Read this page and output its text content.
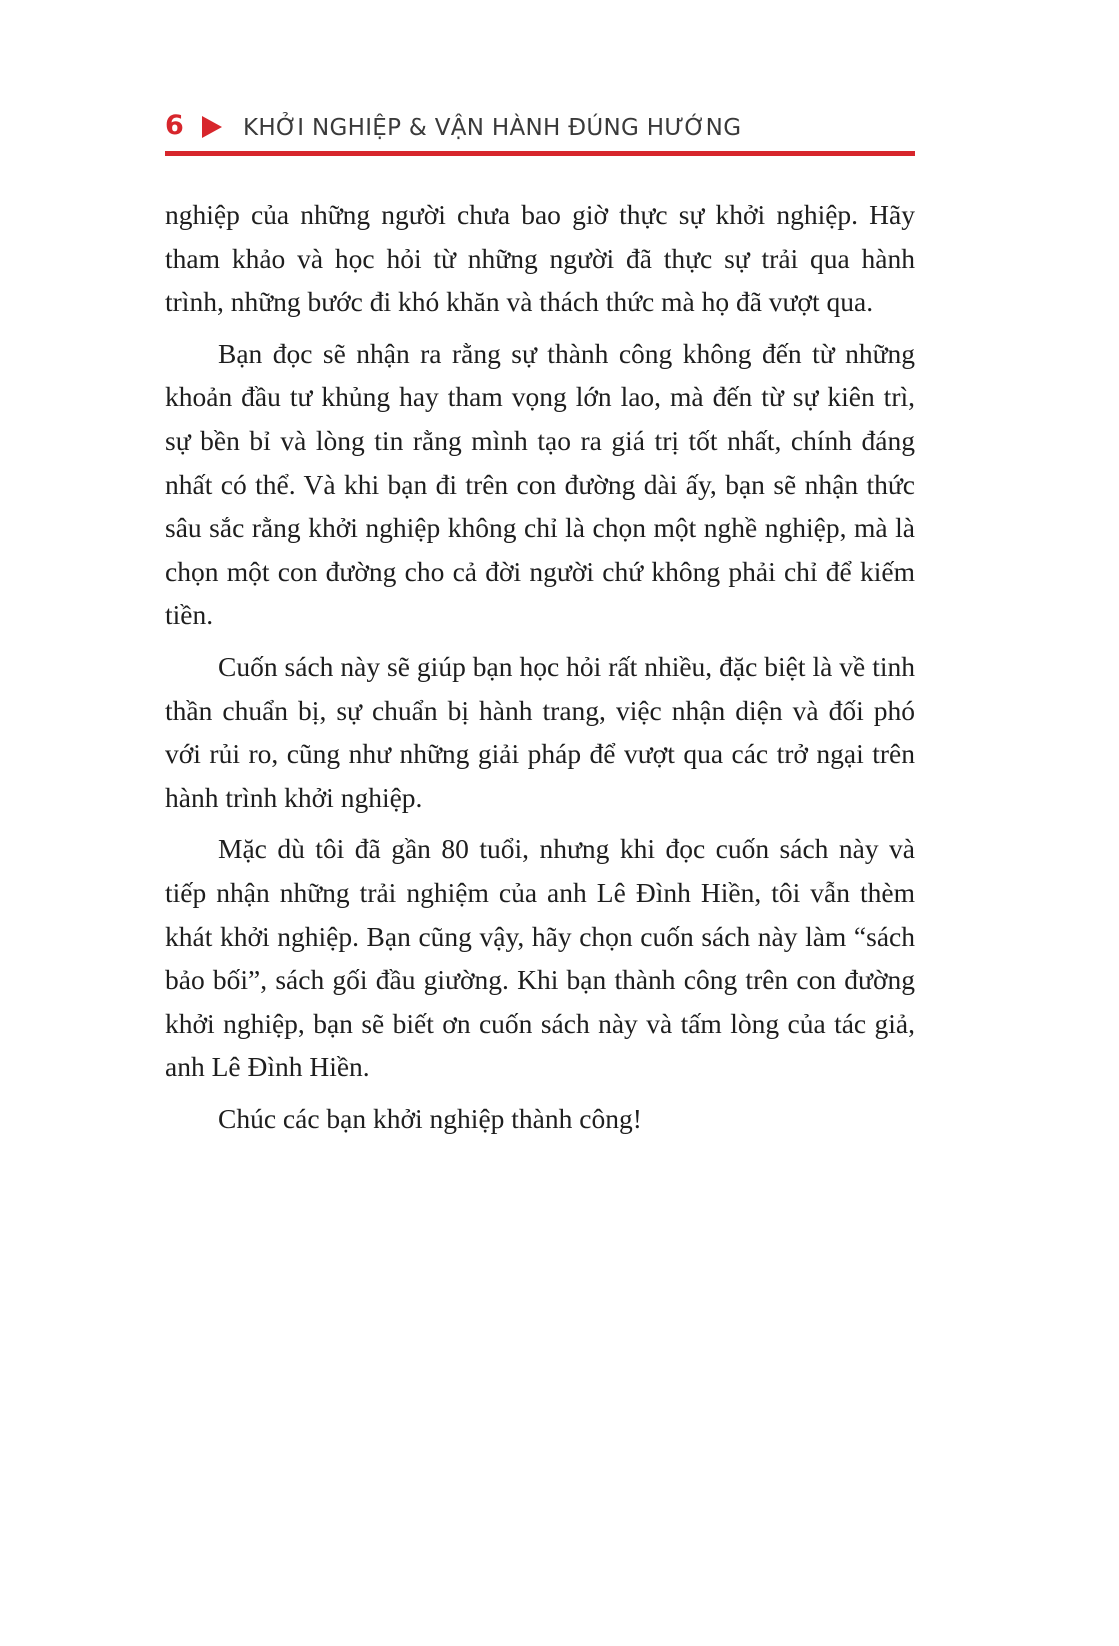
6	KHỞI NGHIỆP & VẬN HÀNH ĐÚNG HƯỚNG

nghiệp của những người chưa bao giờ thực sự khởi nghiệp. Hãy tham khảo và học hỏi từ những người đã thực sự trải qua hành trình, những bước đi khó khăn và thách thức mà họ đã vượt qua.

Bạn đọc sẽ nhận ra rằng sự thành công không đến từ những khoản đầu tư khủng hay tham vọng lớn lao, mà đến từ sự kiên trì, sự bền bỉ và lòng tin rằng mình tạo ra giá trị tốt nhất, chính đáng nhất có thể. Và khi bạn đi trên con đường dài ấy, bạn sẽ nhận thức sâu sắc rằng khởi nghiệp không chỉ là chọn một nghề nghiệp, mà là chọn một con đường cho cả đời người chứ không phải chỉ để kiếm tiền.

Cuốn sách này sẽ giúp bạn học hỏi rất nhiều, đặc biệt là về tinh thần chuẩn bị, sự chuẩn bị hành trang, việc nhận diện và đối phó với rủi ro, cũng như những giải pháp để vượt qua các trở ngại trên hành trình khởi nghiệp.

Mặc dù tôi đã gần 80 tuổi, nhưng khi đọc cuốn sách này và tiếp nhận những trải nghiệm của anh Lê Đình Hiền, tôi vẫn thèm khát khởi nghiệp. Bạn cũng vậy, hãy chọn cuốn sách này làm “sách bảo bối”, sách gối đầu giường. Khi bạn thành công trên con đường khởi nghiệp, bạn sẽ biết ơn cuốn sách này và tấm lòng của tác giả, anh Lê Đình Hiền.

Chúc các bạn khởi nghiệp thành công!
